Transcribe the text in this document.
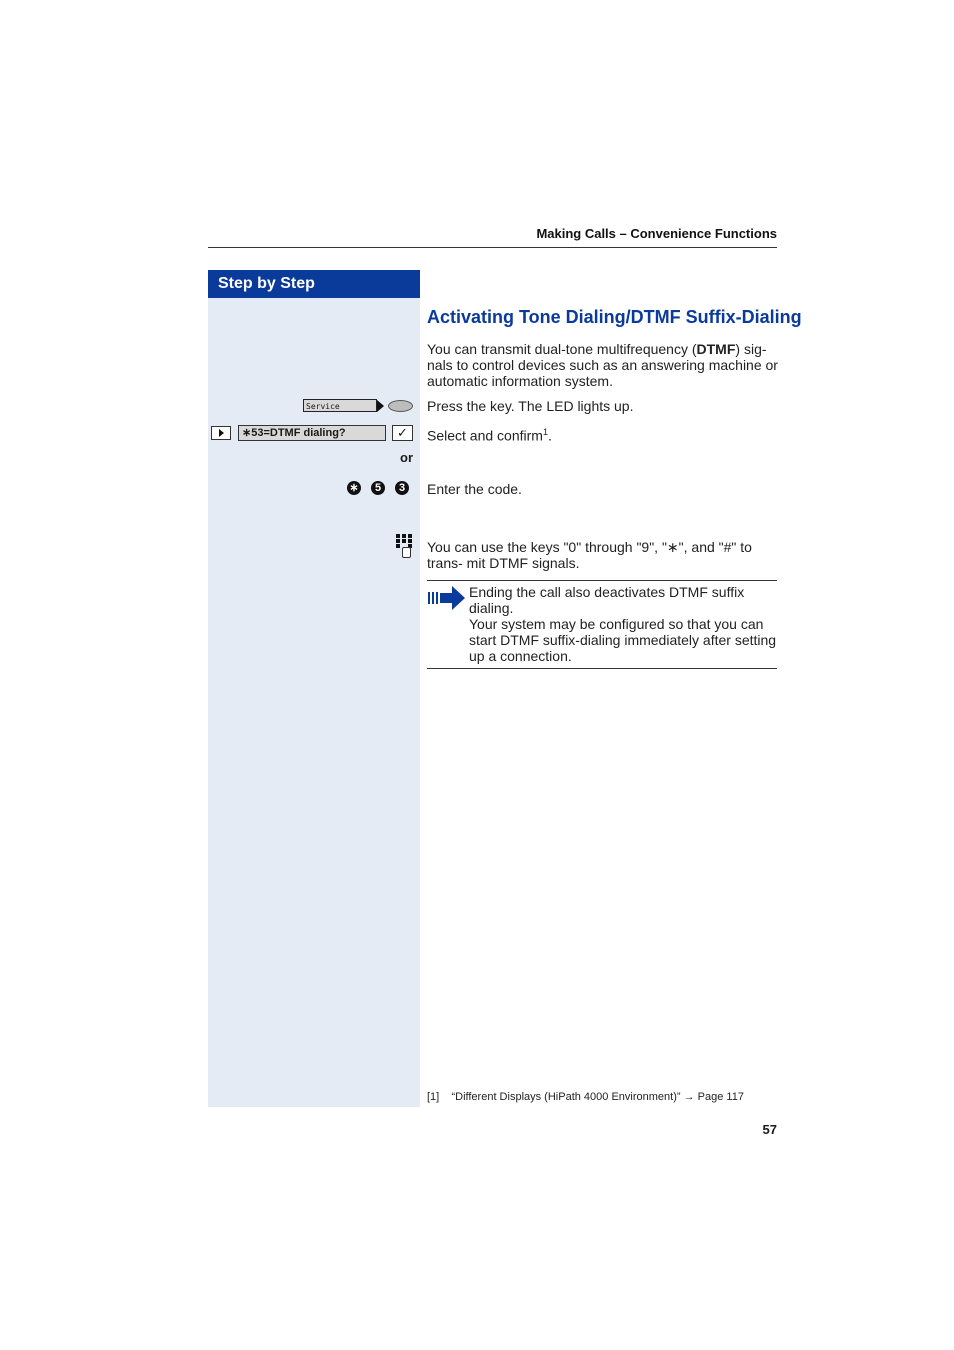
Making Calls – Convenience Functions
Step by Step
Activating Tone Dialing/DTMF Suffix-Dialing
You can transmit dual-tone multifrequency (DTMF) sig- nals to control devices such as an answering machine or automatic information system.
Service	Press the key. The LED lights up.
∗53=DTMF dialing?	✓	Select and confirm$^1$.
or
∗	5	3 Enter the code.
You can use the keys "0" through "9", "∗", and "#" to trans- mit DTMF signals.
Ending the call also deactivates DTMF suffix dialing.
Your system may be configured so that you can start DTMF suffix-dialing immediately after setting up a connection.
[1] “Different Displays (HiPath 4000 Environment)” → Page 117
57
